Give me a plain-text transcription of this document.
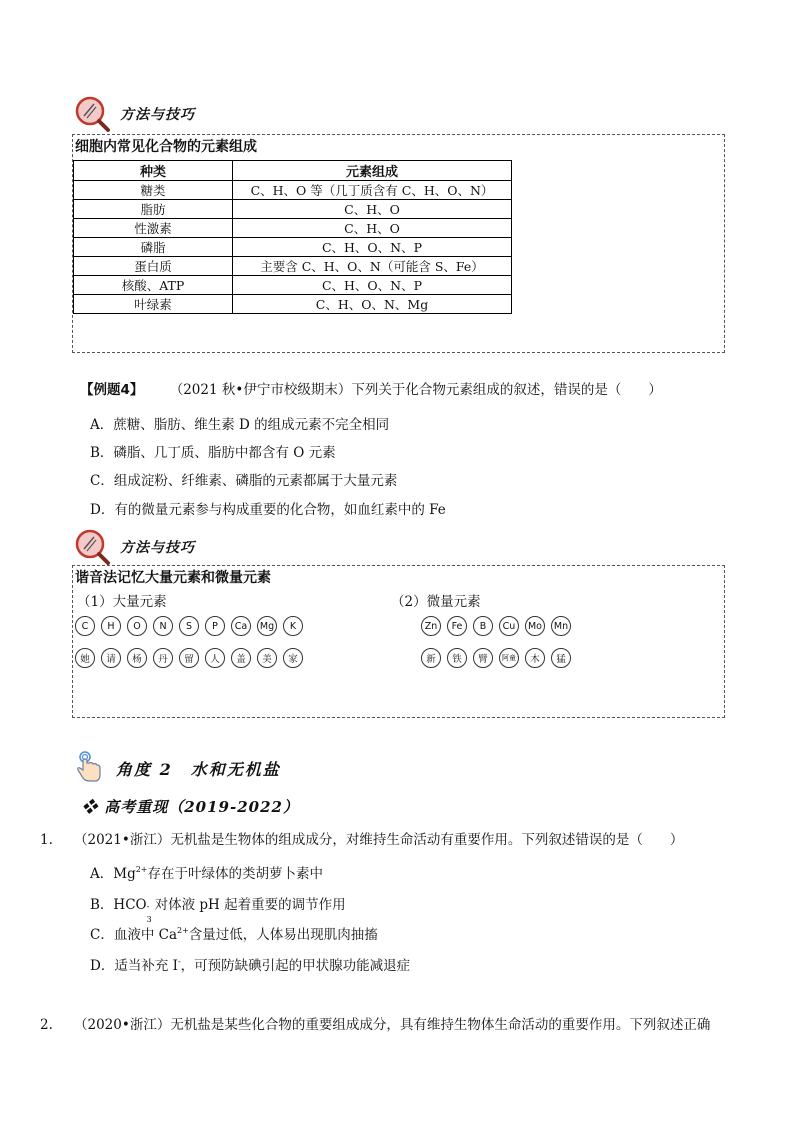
方法与技巧
细胞内常见化合物的元素组成
种类	元素组成
糖类	C、H、O 等（几丁质含有 C、H、O、N）
脂肪	C、H、O
性激素	C、H、O
磷脂	C、H、O、N、P
蛋白质	主要含 C、H、O、N（可能含 S、Fe）
核酸、ATP	C、H、O、N、P
叶绿素	C、H、O、N、Mg
【例题4】 （2021 秋•伊宁市校级期末）下列关于化合物元素组成的叙述，错误的是（　　）
A．蔗糖、脂肪、维生素 D 的组成元素不完全相同
B．磷脂、几丁质、脂肪中都含有 O 元素
C．组成淀粉、纤维素、磷脂的元素都属于大量元素
D．有的微量元素参与构成重要的化合物，如血红素中的 Fe
方法与技巧
谐音法记忆大量元素和微量元素
（1）大量元素	（2）微量元素
C	H	O	N	S	P	Ca	Mg	K
她	请	杨	丹	留	人	盖	美	家
Zn	Fe	B	Cu	Mo	Mn
新	铁	臂	阿童	木	猛
角度 2　水和无机盐
❖ 高考重现（2019-2022）
1. （2021•浙江）无机盐是生物体的组成成分，对维持生命活动有重要作用。下列叙述错误的是（　　）
A．$Mg^{2+}$存在于叶绿体的类胡萝卜素中
B．HCO -
3
对体液 pH 起着重要的调节作用
C．血液中 $Ca^{2+}$含量过低，人体易出现肌肉抽搐
D．适当补充 I-，可预防缺碘引起的甲状腺功能减退症
2. （2020•浙江）无机盐是某些化合物的重要组成成分，具有维持生物体生命活动的重要作用。下列叙述正确
